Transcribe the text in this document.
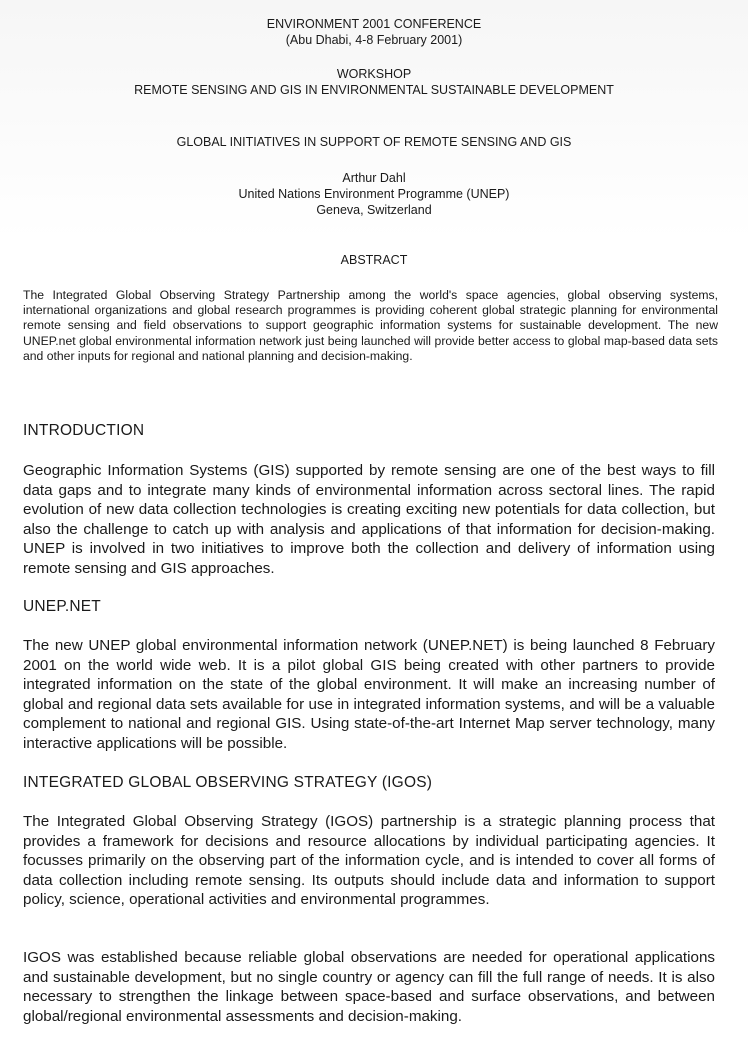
ENVIRONMENT 2001 CONFERENCE
(Abu Dhabi, 4-8 February 2001)
WORKSHOP
REMOTE SENSING AND GIS IN ENVIRONMENTAL SUSTAINABLE DEVELOPMENT
GLOBAL INITIATIVES IN SUPPORT OF REMOTE SENSING AND GIS
Arthur Dahl
United Nations Environment Programme (UNEP)
Geneva, Switzerland
ABSTRACT
The Integrated Global Observing Strategy Partnership among the world's space agencies, global observing systems, international organizations and global research programmes is providing coherent global strategic planning for environmental remote sensing and field observations to support geographic information systems for sustainable development. The new UNEP.net global environmental information network just being launched will provide better access to global map-based data sets and other inputs for regional and national planning and decision-making.
INTRODUCTION
Geographic Information Systems (GIS) supported by remote sensing are one of the best ways to fill data gaps and to integrate many kinds of environmental information across sectoral lines. The rapid evolution of new data collection technologies is creating exciting new potentials for data collection, but also the challenge to catch up with analysis and applications of that information for decision-making. UNEP is involved in two initiatives to improve both the collection and delivery of information using remote sensing and GIS approaches.
UNEP.NET
The new UNEP global environmental information network (UNEP.NET) is being launched 8 February 2001 on the world wide web. It is a pilot global GIS being created with other partners to provide integrated information on the state of the global environment. It will make an increasing number of global and regional data sets available for use in integrated information systems, and will be a valuable complement to national and regional GIS. Using state-of-the-art Internet Map server technology, many interactive applications will be possible.
INTEGRATED GLOBAL OBSERVING STRATEGY (IGOS)
The Integrated Global Observing Strategy (IGOS) partnership is a strategic planning process that provides a framework for decisions and resource allocations by individual participating agencies. It focusses primarily on the observing part of the information cycle, and is intended to cover all forms of data collection including remote sensing. Its outputs should include data and information to support policy, science, operational activities and environmental programmes.
IGOS was established because reliable global observations are needed for operational applications and sustainable development, but no single country or agency can fill the full range of needs. It is also necessary to strengthen the linkage between space-based and surface observations, and between global/regional environmental assessments and decision-making.
